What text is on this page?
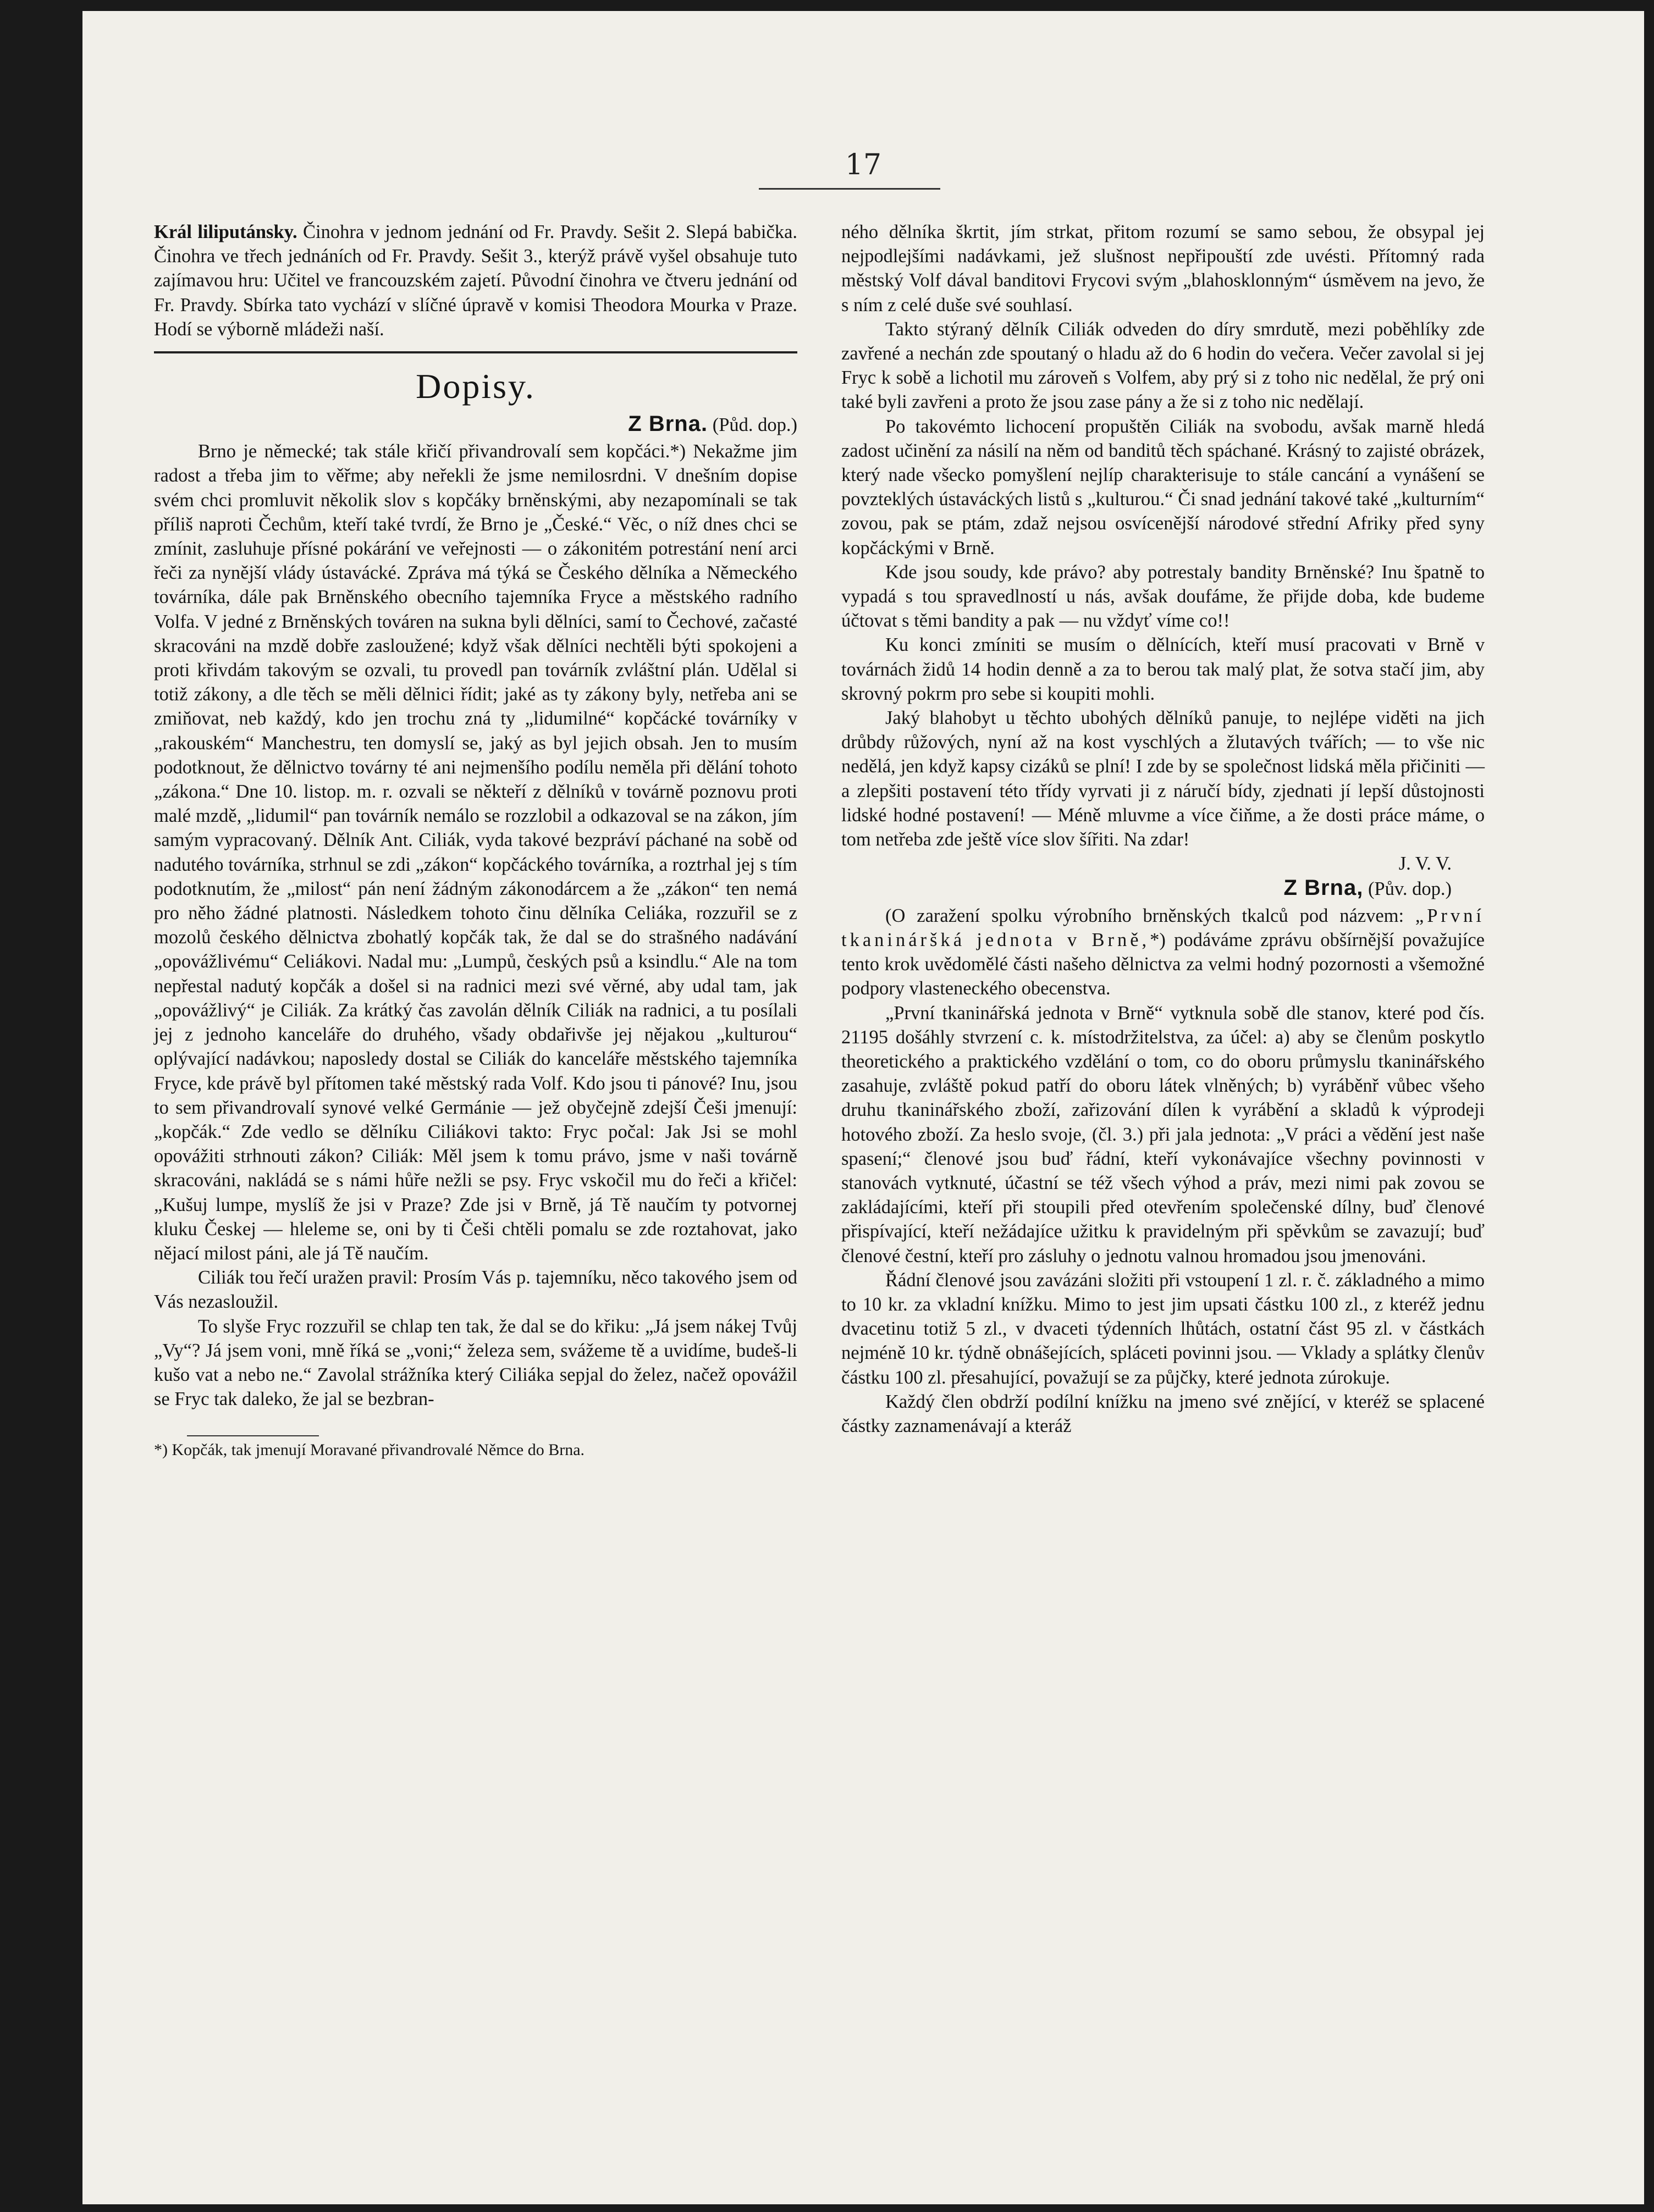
17

Král liliputánsky. Činohra v jednom jednání od Fr. Pravdy. Sešit 2. Slepá babička. Činohra ve třech jednáních od Fr. Pravdy. Sešit 3., kterýž právě vyšel obsahuje tuto zajímavou hru: Učitel ve francouzském zajetí. Původní činohra ve čtveru jednání od Fr. Pravdy. Sbírka tato vychází v slíčné úpravě v komisi Theodora Mourka v Praze. Hodí se výborně mládeži naší.

Dopisy.
Z Brna. (Půd. dop.)

Brno je německé; tak stále křičí přivandrovalí sem kopčáci.*) Nekažme jim radost a třeba jim to věřme; aby neřekli že jsme nemilosrdni. V dnešním dopise svém chci promluvit několik slov s kopčáky brněnskými, aby nezapomínali se tak příliš naproti Čechům, kteří také tvrdí, že Brno je „České.“ Věc, o níž dnes chci se zmínit, zasluhuje přísné pokárání ve veřejnosti — o zákonitém potrestání není arci řeči za nynější vlády ústavácké. Zpráva má týká se Českého dělníka a Německého továrníka, dále pak Brněnského obecního tajemníka Fryce a městského radního Volfa. V jedné z Brněnských továren na sukna byli dělníci, samí to Čechové, začasté skracováni na mzdě dobře zasloužené; když však dělníci nechtěli býti spokojeni a proti křivdám takovým se ozvali, tu provedl pan továrník zvláštní plán. Udělal si totiž zákony, a dle těch se měli dělnici řídit; jaké as ty zákony byly, netřeba ani se zmiňovat, neb každý, kdo jen trochu zná ty „lidumilné“ kopčácké továrníky v „rakouském“ Manchestru, ten domyslí se, jaký as byl jejich obsah. Jen to musím podotknout, že dělnictvo továrny té ani nejmenšího podílu neměla při dělání tohoto „zákona.“ Dne 10. listop. m. r. ozvali se někteří z dělníků v továrně poznovu proti malé mzdě, „lidumil“ pan továrník nemálo se rozzlobil a odkazoval se na zákon, jím samým vypracovaný. Dělník Ant. Ciliák, vyda takové bezpráví páchané na sobě od nadutého továrníka, strhnul se zdi „zákon“ kopčáckého továrníka, a roztrhal jej s tím podotknutím, že „milost“ pán není žádným zákonodárcem a že „zákon“ ten nemá pro něho žádné platnosti. Následkem tohoto činu dělníka Celiáka, rozzuřil se z mozolů českého dělnictva zbohatlý kopčák tak, že dal se do strašného nadávání „opovážlivému“ Celiákovi. Nadal mu: „Lumpů, českých psů a ksindlu.“ Ale na tom nepřestal nadutý kopčák a došel si na radnici mezi své věrné, aby udal tam, jak „opovážlivý“ je Ciliák. Za krátký čas zavolán dělník Ciliák na radnici, a tu posílali jej z jednoho kanceláře do druhého, všady obdařivše jej nějakou „kulturou“ oplývající nadávkou; naposledy dostal se Ciliák do kanceláře městského tajemníka Fryce, kde právě byl přítomen také městský rada Volf. Kdo jsou ti pánové? Inu, jsou to sem přivandrovalí synové velké Germánie — jež obyčejně zdejší Češi jmenují: „kopčák.“ Zde vedlo se dělníku Ciliákovi takto: Fryc počal: Jak Jsi se mohl opovážiti strhnouti zákon? Ciliák: Měl jsem k tomu právo, jsme v naši továrně skracováni, nakládá se s námi hůře nežli se psy. Fryc vskočil mu do řeči a křičel: „Kušuj lumpe, myslíš že jsi v Praze? Zde jsi v Brně, já Tě naučím ty potvornej kluku Českej — hleleme se, oni by ti Češi chtěli pomalu se zde roztahovat, jako nějací milost páni, ale já Tě naučím.

Ciliák tou řečí uražen pravil: Prosím Vás p. tajemníku, něco takového jsem od Vás nezasloužil.

To slyše Fryc rozzuřil se chlap ten tak, že dal se do křiku: „Já jsem nákej Tvůj „Vy“? Já jsem voni, mně říká se „voni;“ železa sem, svážeme tě a uvidíme, budeš-li kušo vat a nebo ne.“ Zavolal strážníka který Ciliáka sepjal do želez, načež opovážil se Fryc tak daleko, že jal se bezbran-

*) Kopčák, tak jmenují Moravané přivandrovalé Němce do Brna.

ného dělníka škrtit, jím strkat, přitom rozumí se samo sebou, že obsypal jej nejpodlejšími nadávkami, jež slušnost nepřipouští zde uvésti. Přítomný rada městský Volf dával banditovi Frycovi svým „blahosklonným“ úsměvem na jevo, že s ním z celé duše své souhlasí.

Takto stýraný dělník Ciliák odveden do díry smrdutě, mezi poběhlíky zde zavřené a nechán zde spoutaný o hladu až do 6 hodin do večera. Večer zavolal si jej Fryc k sobě a lichotil mu zároveň s Volfem, aby prý si z toho nic nedělal, že prý oni také byli zavřeni a proto že jsou zase pány a že si z toho nic nedělají.

Po takovémto lichocení propuštěn Ciliák na svobodu, avšak marně hledá zadost učinění za násilí na něm od banditů těch spáchané. Krásný to zajisté obrázek, který nade všecko pomyšlení nejlíp charakterisuje to stále cancání a vynášení se povzteklých ústaváckých listů s „kulturou.“ Či snad jednání takové také „kulturním“ zovou, pak se ptám, zdaž nejsou osvícenější národové střední Afriky před syny kopčáckými v Brně.

Kde jsou soudy, kde právo? aby potrestaly bandity Brněnské? Inu špatně to vypadá s tou spravedlností u nás, avšak doufáme, že přijde doba, kde budeme účtovat s těmi bandity a pak — nu vždyť víme co!!

Ku konci zmíniti se musím o dělnících, kteří musí pracovati v Brně v továrnách židů 14 hodin denně a za to berou tak malý plat, že sotva stačí jim, aby skrovný pokrm pro sebe si koupiti mohli.

Jaký blahobyt u těchto ubohých dělníků panuje, to nejlépe viděti na jich drůbdy růžových, nyní až na kost vyschlých a žlutavých tvářích; — to vše nic nedělá, jen když kapsy cizáků se plní! I zde by se společnost lidská měla přičiniti — a zlepšiti postavení této třídy vyrvati ji z náručí bídy, zjednati jí lepší důstojnosti lidské hodné postavení! — Méně mluvme a více čiňme, a že dosti práce máme, o tom netřeba zde ještě více slov šířiti. Na zdar!

J. V. V.
Z Brna, (Pův. dop.)

(O zaražení spolku výrobního brněnských tkalců pod názvem: „První tkanináršká jednota v Brně,*) podáváme zprávu obšírnější považujíce tento krok uvědomělé části našeho dělnictva za velmi hodný pozornosti a všemožné podpory vlasteneckého obecenstva.

„První tkaninářská jednota v Brně“ vytknula sobě dle stanov, které pod čís. 21195 došáhly stvrzení c. k. místodržitelstva, za účel: a) aby se členům poskytlo theoretického a praktického vzdělání o tom, co do oboru průmyslu tkaninářského zasahuje, zvláště pokud patří do oboru látek vlněných; b) vyráběnř vůbec všeho druhu tkaninářského zboží, zařizování dílen k vyrábění a skladů k výprodeji hotového zboží. Za heslo svoje, (čl. 3.) při jala jednota: „V práci a vědění jest naše spasení;“ členové jsou buď řádní, kteří vykonávajíce všechny povinnosti v stanovách vytknuté, účastní se též všech výhod a práv, mezi nimi pak zovou se zakládajícími, kteří při stoupili před otevřením společenské dílny, buď členové přispívající, kteří nežádajíce užitku k pravidelným při spěvkům se zavazují; buď členové čestní, kteří pro zásluhy o jednotu valnou hromadou jsou jmenováni.

Řádní členové jsou zavázáni složiti při vstoupení 1 zl. r. č. základného a mimo to 10 kr. za vkladní knížku. Mimo to jest jim upsati částku 100 zl., z kteréž jednu dvacetinu totiž 5 zl., v dvaceti týdenních lhůtách, ostatní část 95 zl. v částkách nejméně 10 kr. týdně obnášejících, spláceti povinni jsou. — Vklady a splátky členův částku 100 zl. přesahující, považují se za půjčky, které jednota zúrokuje.

Každý člen obdrží podílní knížku na jmeno své znějící, v kteréž se splacené částky zaznamenávají a kteráž
